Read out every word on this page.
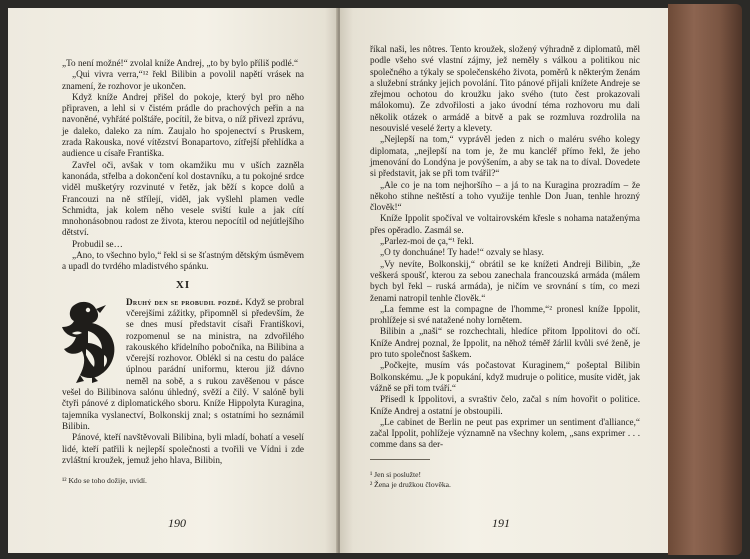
„To není možné!“ zvolal kníže Andrej, „to by bylo příliš podlé.“

„Qui vivra verra,“¹² řekl Bilibin a povolil napětí vrásek na znamení, že rozhovor je ukončen.

Když kníže Andrej přišel do pokoje, který byl pro něho připraven, a lehl si v čistém prádle do prachových peřin a na navoněné, vyhřáté polštáře, pocítil, že bitva, o níž přivezl zprávu, je daleko, daleko za ním. Zaujalo ho spojenectví s Pruskem, zrada Rakouska, nové vítězství Bonapartovo, zítřejší přehlídka a audience u císaře Františka.

Zavřel oči, avšak v tom okamžiku mu v uších zazněla kanonáda, střelba a dokončení kol dostavníku, a tu pokojné srdce viděl mušketýry rozvinuté v řetěz, jak běží s kopce dolů a Francouzi na ně střílejí, viděl, jak vyšlehl plamen vedle Schmidta, jak kolem něho vesele sviští kule a jak cítí mnohonásobnou radost ze života, kterou nepocítil od nejútlejšího dětství.

Probudil se…

„Ano, to všechno bylo,“ řekl si se šťastným dětským úsměvem a upadl do tvrdého mladistvého spánku.

XI

Druhý den se probudil pozdě. Když se probral včerejšími zážitky, připomněl si především, že se dnes musí představit císaři Františkovi, rozpomenul se na ministra, na zdvořilého rakouského křídelního pobočníka, na Bilibina a včerejší rozhovor. Oblékl si na cestu do paláce úplnou parádní uniformu, kterou již dávno neměl na sobě, a s rukou zavěšenou v pásce vešel do Bilibinova salónu úhledný, svěží a čilý. V salóně byli čtyři pánové z diplomatického sboru. Kníže Hippolyta Kuragina, tajemníka vyslanectví, Bolkonskij znal; s ostatními ho seznámil Bilibin.

Pánové, kteří navštěvovali Bilibina, byli mladí, bohatí a veselí lidé, kteří patřili k nejlepší společnosti a tvořili ve Vídni i zde zvláštní kroužek, jemuž jeho hlava, Bilibin,

¹² Kdo se toho dožije, uvidí.

190

říkal naši, les nôtres. Tento kroužek, složený výhradně z diplomatů, měl podle všeho své vlastní zájmy, jež neměly s válkou a politikou nic společného a týkaly se společenského života, poměrů k některým ženám a služební stránky jejich povolání. Tito pánové přijali knížete Andreje se zřejmou ochotou do kroužku jako svého (tuto čest prokazovali málokomu). Ze zdvořilosti a jako úvodní téma rozhovoru mu dali několik otázek o armádě a bitvě a pak se rozmluva rozdrolila na nesouvislé veselé žerty a klevety.

„Nejlepší na tom,“ vyprávěl jeden z nich o maléru svého kolegy diplomata, „nejlepší na tom je, že mu kancléř přímo řekl, že jeho jmenování do Londýna je povýšením, a aby se tak na to díval. Dovedete si představit, jak se při tom tvářil?“

„Ale co je na tom nejhoršího – a já to na Kuragina prozradím – že někoho stihne neštěstí a toho využije tenhle Don Juan, tenhle hrozný člověk!“

Kníže Ippolit spočíval ve voltairovském křesle s nohama nataženýma přes opěradlo. Zasmál se.

„Parlez-moi de ça,“¹ řekl.

„O ty donchuáne! Ty hade!“ ozvaly se hlasy.

„Vy nevíte, Bolkonskij,“ obrátil se ke knížeti Andreji Bilibin, „že veškerá spoušť, kterou za sebou zanechala francouzská armáda (málem bych byl řekl – ruská armáda), je ničím ve srovnání s tím, co mezi ženami natropil tenhle člověk.“

„La femme est la compagne de l'homme,“² pronesl kníže Ippolit, prohlížeje si své natažené nohy lornětem.

Bilibin a „naši“ se rozchechtali, hledíce přitom Ippolitovi do očí. Kníže Andrej poznal, že Ippolit, na něhož téměř žárlil kvůli své ženě, je pro tuto společnost šaškem.

„Počkejte, musím vás počastovat Kuraginem,“ pošeptal Bilibin Bolkonskému. „Je k popukání, když mudruje o politice, musíte vidět, jak vážně se při tom tváří.“

Přisedl k Ippolitovi, a svraštiv čelo, začal s ním hovořit o politice. Kníže Andrej a ostatní je obstoupili.

„Le cabinet de Berlin ne peut pas exprimer un sentiment d'alliance,“ začal Ippolit, pohlížeje významně na všechny kolem, „sans exprimer . . . comme dans sa der-

¹ Jen si poslužte!

² Žena je družkou člověka.

191
